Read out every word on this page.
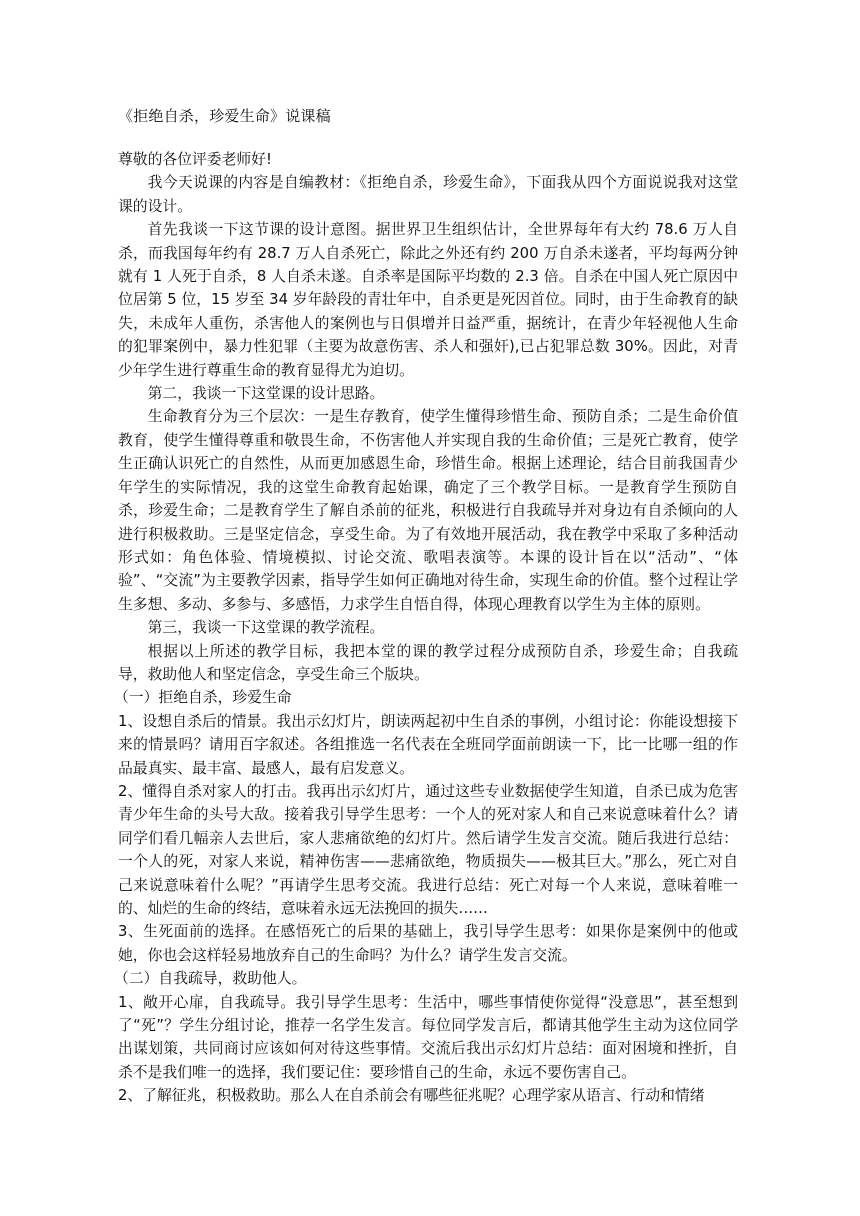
《拒绝自杀，珍爱生命》说课稿

尊敬的各位评委老师好!

我今天说课的内容是自编教材：《拒绝自杀，珍爱生命》，下面我从四个方面说说我对这堂课的设计。

首先我谈一下这节课的设计意图。据世界卫生组织估计，全世界每年有大约 78.6 万人自杀，而我国每年约有 28.7 万人自杀死亡，除此之外还有约 200 万自杀未遂者，平均每两分钟就有 1 人死于自杀，8 人自杀未遂。自杀率是国际平均数的 2.3 倍。自杀在中国人死亡原因中位居第 5 位，15 岁至 34 岁年龄段的青壮年中，自杀更是死因首位。同时，由于生命教育的缺失，未成年人重伤，杀害他人的案例也与日俱增并日益严重，据统计，在青少年轻视他人生命的犯罪案例中，暴力性犯罪（主要为故意伤害、杀人和强奸),已占犯罪总数 30%。因此，对青少年学生进行尊重生命的教育显得尤为迫切。

第二，我谈一下这堂课的设计思路。

生命教育分为三个层次：一是生存教育，使学生懂得珍惜生命、预防自杀；二是生命价值教育，使学生懂得尊重和敬畏生命，不伤害他人并实现自我的生命价值；三是死亡教育，使学生正确认识死亡的自然性，从而更加感恩生命，珍惜生命。根据上述理论，结合目前我国青少年学生的实际情况，我的这堂生命教育起始课，确定了三个教学目标。一是教育学生预防自杀，珍爱生命；二是教育学生了解自杀前的征兆，积极进行自我疏导并对身边有自杀倾向的人进行积极救助。三是坚定信念，享受生命。为了有效地开展活动，我在教学中采取了多种活动形式如：角色体验、情境模拟、讨论交流、歌唱表演等。本课的设计旨在以“活动”、“体验”、“交流”为主要教学因素，指导学生如何正确地对待生命，实现生命的价值。整个过程让学生多想、多动、多参与、多感悟，力求学生自悟自得，体现心理教育以学生为主体的原则。

第三，我谈一下这堂课的教学流程。

根据以上所述的教学目标，我把本堂的课的教学过程分成预防自杀，珍爱生命；自我疏导，救助他人和坚定信念，享受生命三个版块。

（一）拒绝自杀，珍爱生命

1、设想自杀后的情景。我出示幻灯片，朗读两起初中生自杀的事例，小组讨论：你能设想接下来的情景吗？请用百字叙述。各组推选一名代表在全班同学面前朗读一下，比一比哪一组的作品最真实、最丰富、最感人，最有启发意义。

2、懂得自杀对家人的打击。我再出示幻灯片，通过这些专业数据使学生知道，自杀已成为危害青少年生命的头号大敌。接着我引导学生思考：一个人的死对家人和自己来说意味着什么？请同学们看几幅亲人去世后，家人悲痛欲绝的幻灯片。然后请学生发言交流。随后我进行总结：一个人的死，对家人来说，精神伤害——悲痛欲绝，物质损失——极其巨大。”那么，死亡对自己来说意味着什么呢？”再请学生思考交流。我进行总结：死亡对每一个人来说，意味着唯一的、灿烂的生命的终结，意味着永远无法挽回的损失……

3、生死面前的选择。在感悟死亡的后果的基础上，我引导学生思考：如果你是案例中的他或她，你也会这样轻易地放弃自己的生命吗？为什么？请学生发言交流。

（二）自我疏导，救助他人。

1、敞开心扉，自我疏导。我引导学生思考：生活中，哪些事情使你觉得“没意思”，甚至想到了“死”？学生分组讨论，推荐一名学生发言。每位同学发言后，都请其他学生主动为这位同学出谋划策，共同商讨应该如何对待这些事情。交流后我出示幻灯片总结：面对困境和挫折，自杀不是我们唯一的选择，我们要记住：要珍惜自己的生命，永远不要伤害自己。

2、了解征兆，积极救助。那么人在自杀前会有哪些征兆呢？心理学家从语言、行动和情绪
